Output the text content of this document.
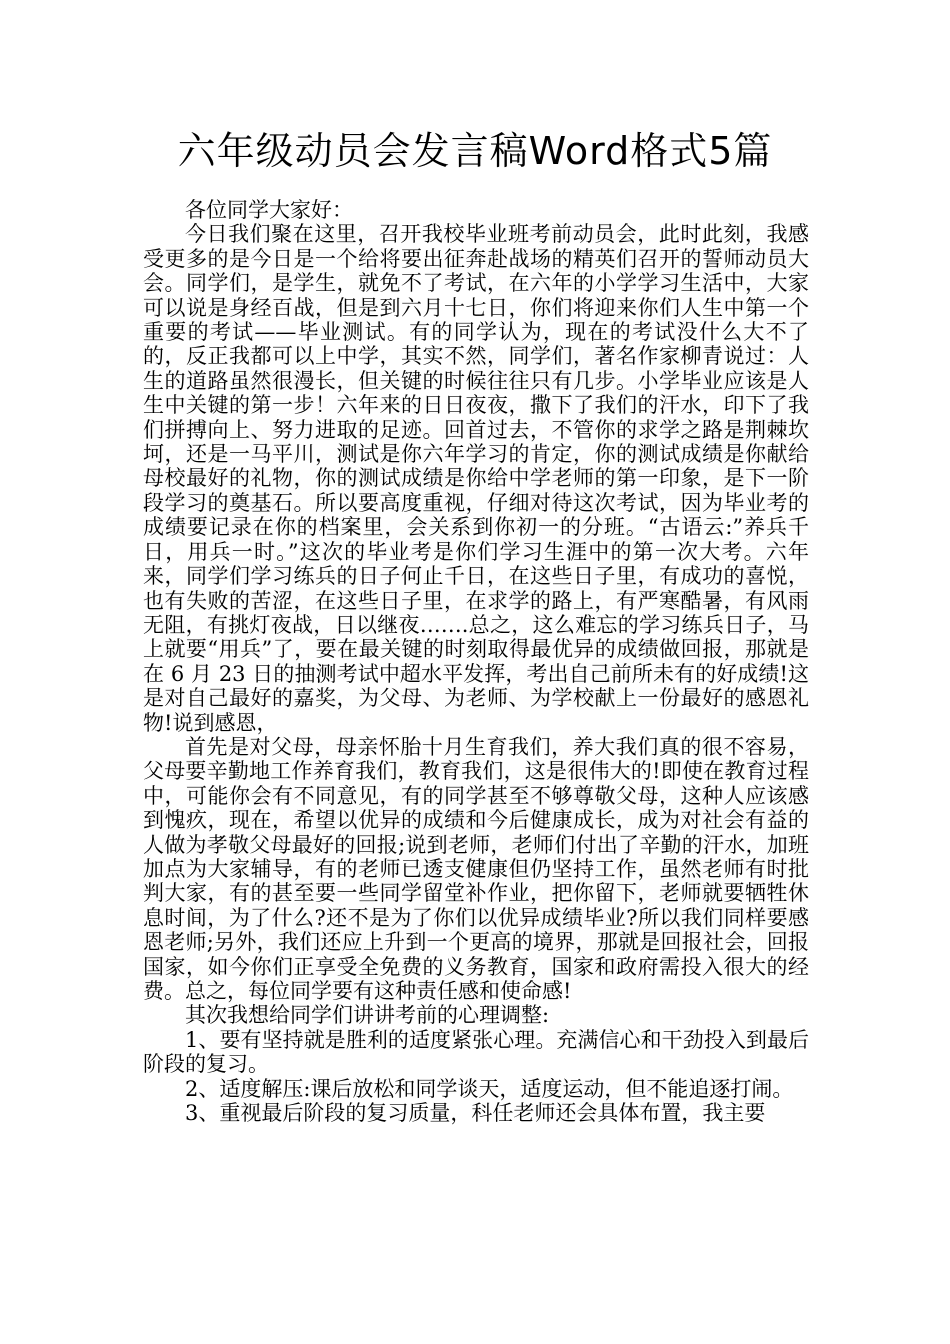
六年级动员会发言稿Word格式5篇

各位同学大家好：

今日我们聚在这里，召开我校毕业班考前动员会，此时此刻，我感受更多的是今日是一个给将要出征奔赴战场的精英们召开的誓师动员大会。同学们，是学生，就免不了考试，在六年的小学学习生活中，大家可以说是身经百战，但是到六月十七日，你们将迎来你们人生中第一个重要的考试——毕业测试。有的同学认为，现在的考试没什么大不了的，反正我都可以上中学，其实不然，同学们，著名作家柳青说过：人生的道路虽然很漫长，但关键的时候往往只有几步。小学毕业应该是人生中关键的第一步！六年来的日日夜夜，撒下了我们的汗水，印下了我们拼搏向上、努力进取的足迹。回首过去，不管你的求学之路是荆棘坎坷，还是一马平川，测试是你六年学习的肯定，你的测试成绩是你献给母校最好的礼物，你的测试成绩是你给中学老师的第一印象，是下一阶段学习的奠基石。所以要高度重视，仔细对待这次考试，因为毕业考的成绩要记录在你的档案里，会关系到你初一的分班。“古语云:”养兵千日，用兵一时。”这次的毕业考是你们学习生涯中的第一次大考。六年来，同学们学习练兵的日子何止千日，在这些日子里，有成功的喜悦，也有失败的苦涩，在这些日子里，在求学的路上，有严寒酷暑，有风雨无阻，有挑灯夜战，日以继夜…….总之，这么难忘的学习练兵日子，马上就要“用兵”了，要在最关键的时刻取得最优异的成绩做回报，那就是在 6 月 23 日的抽测考试中超水平发挥，考出自己前所未有的好成绩!这是对自己最好的嘉奖，为父母、为老师、为学校献上一份最好的感恩礼物!说到感恩，

首先是对父母，母亲怀胎十月生育我们，养大我们真的很不容易，父母要辛勤地工作养育我们，教育我们，这是很伟大的!即使在教育过程中，可能你会有不同意见，有的同学甚至不够尊敬父母，这种人应该感到愧疚，现在，希望以优异的成绩和今后健康成长，成为对社会有益的人做为孝敬父母最好的回报;说到老师，老师们付出了辛勤的汗水，加班加点为大家辅导，有的老师已透支健康但仍坚持工作，虽然老师有时批判大家，有的甚至要一些同学留堂补作业，把你留下，老师就要牺牲休息时间，为了什么?还不是为了你们以优异成绩毕业?所以我们同样要感恩老师;另外，我们还应上升到一个更高的境界，那就是回报社会，回报国家，如今你们正享受全免费的义务教育，国家和政府需投入很大的经费。总之，每位同学要有这种责任感和使命感!

其次我想给同学们讲讲考前的心理调整:

1、要有坚持就是胜利的适度紧张心理。充满信心和干劲投入到最后阶段的复习。

2、适度解压:课后放松和同学谈天，适度运动，但不能追逐打闹。

3、重视最后阶段的复习质量，科任老师还会具体布置，我主要
